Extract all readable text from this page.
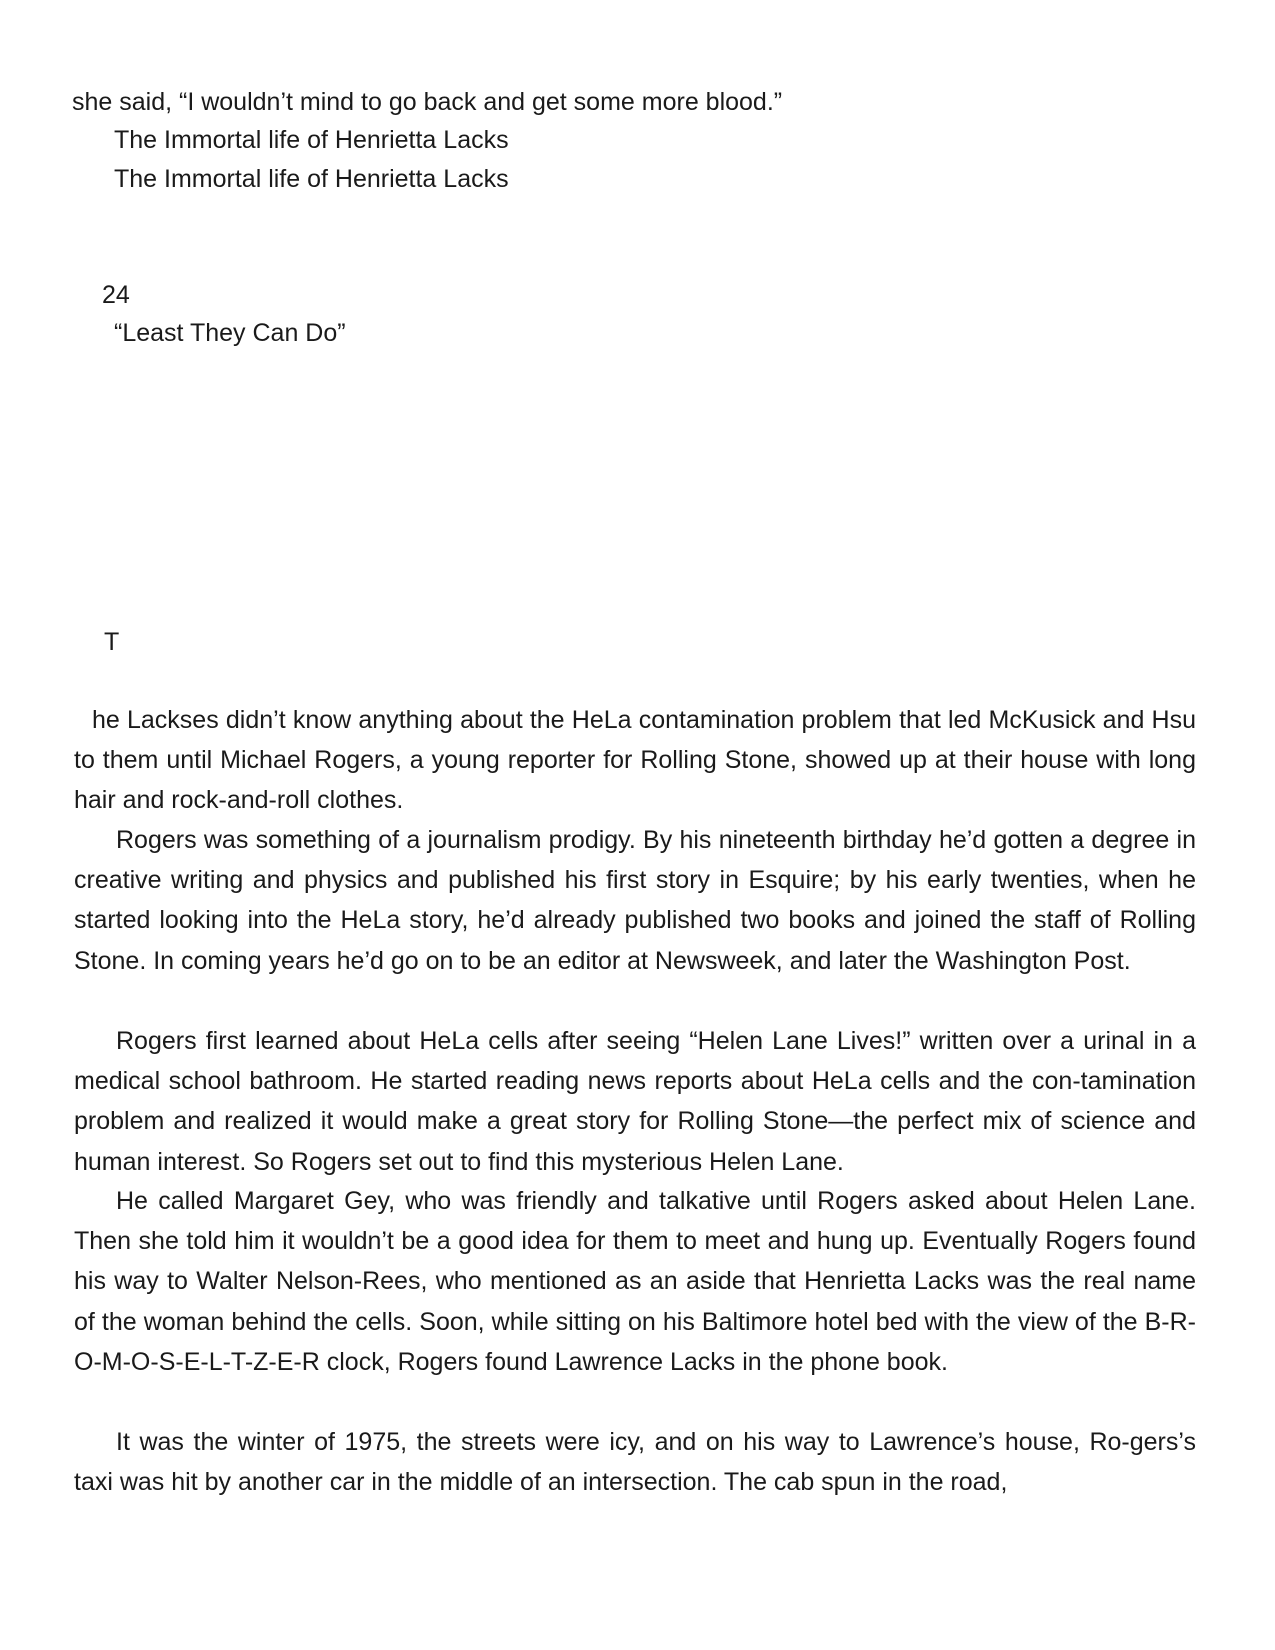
she said, “I wouldn’t mind to go back and get some more blood.”
The Immortal life of Henrietta Lacks
The Immortal life of Henrietta Lacks
24
“Least They Can Do”
T

he Lackses didn’t know anything about the HeLa contamination problem that led McKusick and Hsu to them until Michael Rogers, a young reporter for Rolling Stone, showed up at their house with long hair and rock-and-roll clothes.

Rogers was something of a journalism prodigy. By his nineteenth birthday he’d gotten a degree in creative writing and physics and published his first story in Esquire; by his early twenties, when he started looking into the HeLa story, he’d already published two books and joined the staff of Rolling Stone. In coming years he’d go on to be an editor at Newsweek, and later the Washington Post.

Rogers first learned about HeLa cells after seeing “Helen Lane Lives!” written over a urinal in a medical school bathroom. He started reading news reports about HeLa cells and the con-tamination problem and realized it would make a great story for Rolling Stone—the perfect mix of science and human interest. So Rogers set out to find this mysterious Helen Lane.

He called Margaret Gey, who was friendly and talkative until Rogers asked about Helen Lane. Then she told him it wouldn’t be a good idea for them to meet and hung up. Eventually Rogers found his way to Walter Nelson-Rees, who mentioned as an aside that Henrietta Lacks was the real name of the woman behind the cells. Soon, while sitting on his Baltimore hotel bed with the view of the B-R-O-M-O-S-E-L-T-Z-E-R clock, Rogers found Lawrence Lacks in the phone book.

It was the winter of 1975, the streets were icy, and on his way to Lawrence’s house, Ro-gers’s taxi was hit by another car in the middle of an intersection. The cab spun in the road,
